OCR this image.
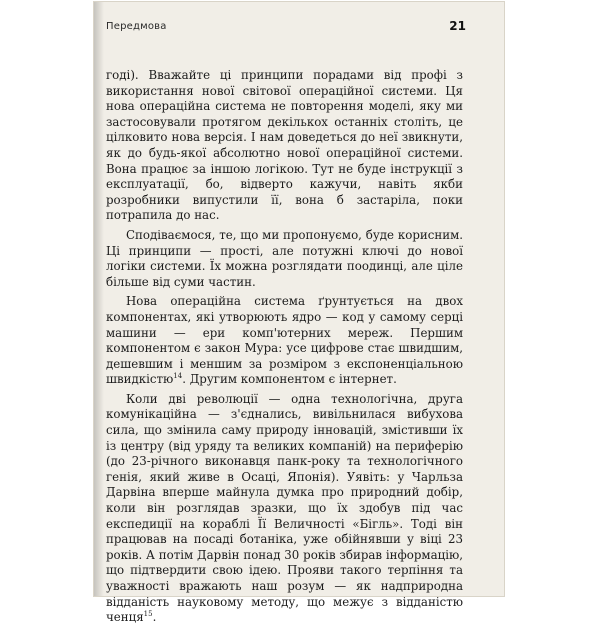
Передмова	21

годі). Вважайте ці принципи порадами від профі з використання нової світової операційної системи. Ця нова операційна система не повторення моделі, яку ми застосовували протягом декількох останніх століть, це цілковито нова версія. І нам доведеться до неї звикнути, як до будь-якої абсолютно нової операційної системи. Вона працює за іншою логікою. Тут не буде інструкції з експлуатації, бо, відверто кажучи, навіть якби розробники випустили її, вона б застаріла, поки потрапила до нас.

Сподіваємося, те, що ми пропонуємо, буде корисним. Ці принципи — прості, але потужні ключі до нової логіки системи. Їх можна розглядати поодинці, але ціле більше від суми частин.

Нова операційна система ґрунтується на двох компонентах, які утворюють ядро — код у самому серці машини — ери комп'ютерних мереж. Першим компонентом є закон Мура: усе цифрове стає швидшим, дешевшим і меншим за розміром з експоненціальною швидкістю$^{14}$. Другим компонентом є інтернет.

Коли дві революції — одна технологічна, друга комунікаційна — з'єднались, вивільнилася вибухова сила, що змінила саму природу інновацій, змістивши їх із центру (від уряду та великих компаній) на периферію (до 23-річного виконавця панк-року та технологічного генія, який живе в Осаці, Японія). Уявіть: у Чарльза Дарвіна вперше майнула думка про природний добір, коли він розглядав зразки, що їх здобув під час експедиції на кораблі Її Величності «Бігль». Тоді він працював на посаді ботаніка, уже обійнявши у віці 23 років. А потім Дарвін понад 30 років збирав інформацію, що підтвердити свою ідею. Прояви такого терпіння та уважності вражають наш розум — як надприродна відданість науковому методу, що межує з відданістю ченця$^{15}$.
